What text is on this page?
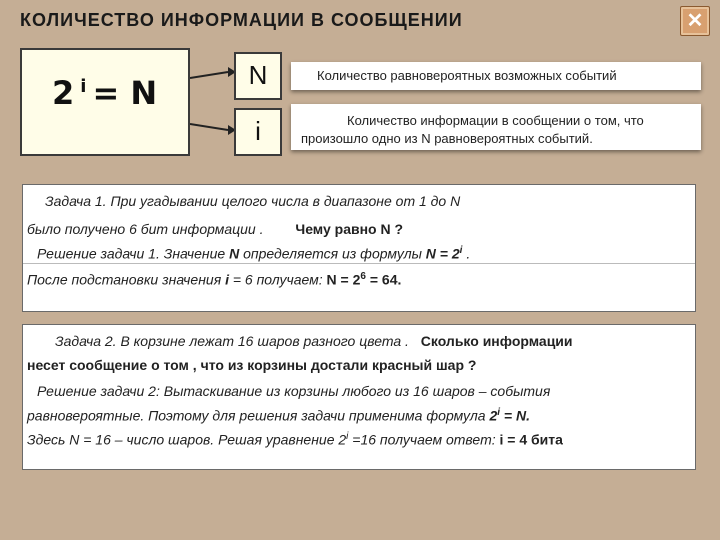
КОЛИЧЕСТВО ИНФОРМАЦИИ В СООБЩЕНИИ	✕
2 $^i$ = N	N
i
Количество равновероятных возможных событий
Количество информации в сообщении о том, что
произошло одно из N равновероятных событий.
Задача 1. При угадывании целого числа в диапазоне от 1 до N
было получено 6 бит информации . Чему равно N ?
Решение задачи 1. Значение N определяется из формулы $N = 2^i$ .
После подстановки значения i = 6 получаем: $N = 2^6 = 64$.
Задача 2. В корзине лежат 16 шаров разного цвета . Сколько информации
несет сообщение о том , что из корзины достали красный шар ?
Решение задачи 2: Вытаскивание из корзины любого из 16 шаров – события
равновероятные. Поэтому для решения задачи применима формула $2^i = N$.
Здесь N = 16 – число шаров. Решая уравнение $2^i =16$ получаем ответ: i = 4 бита
